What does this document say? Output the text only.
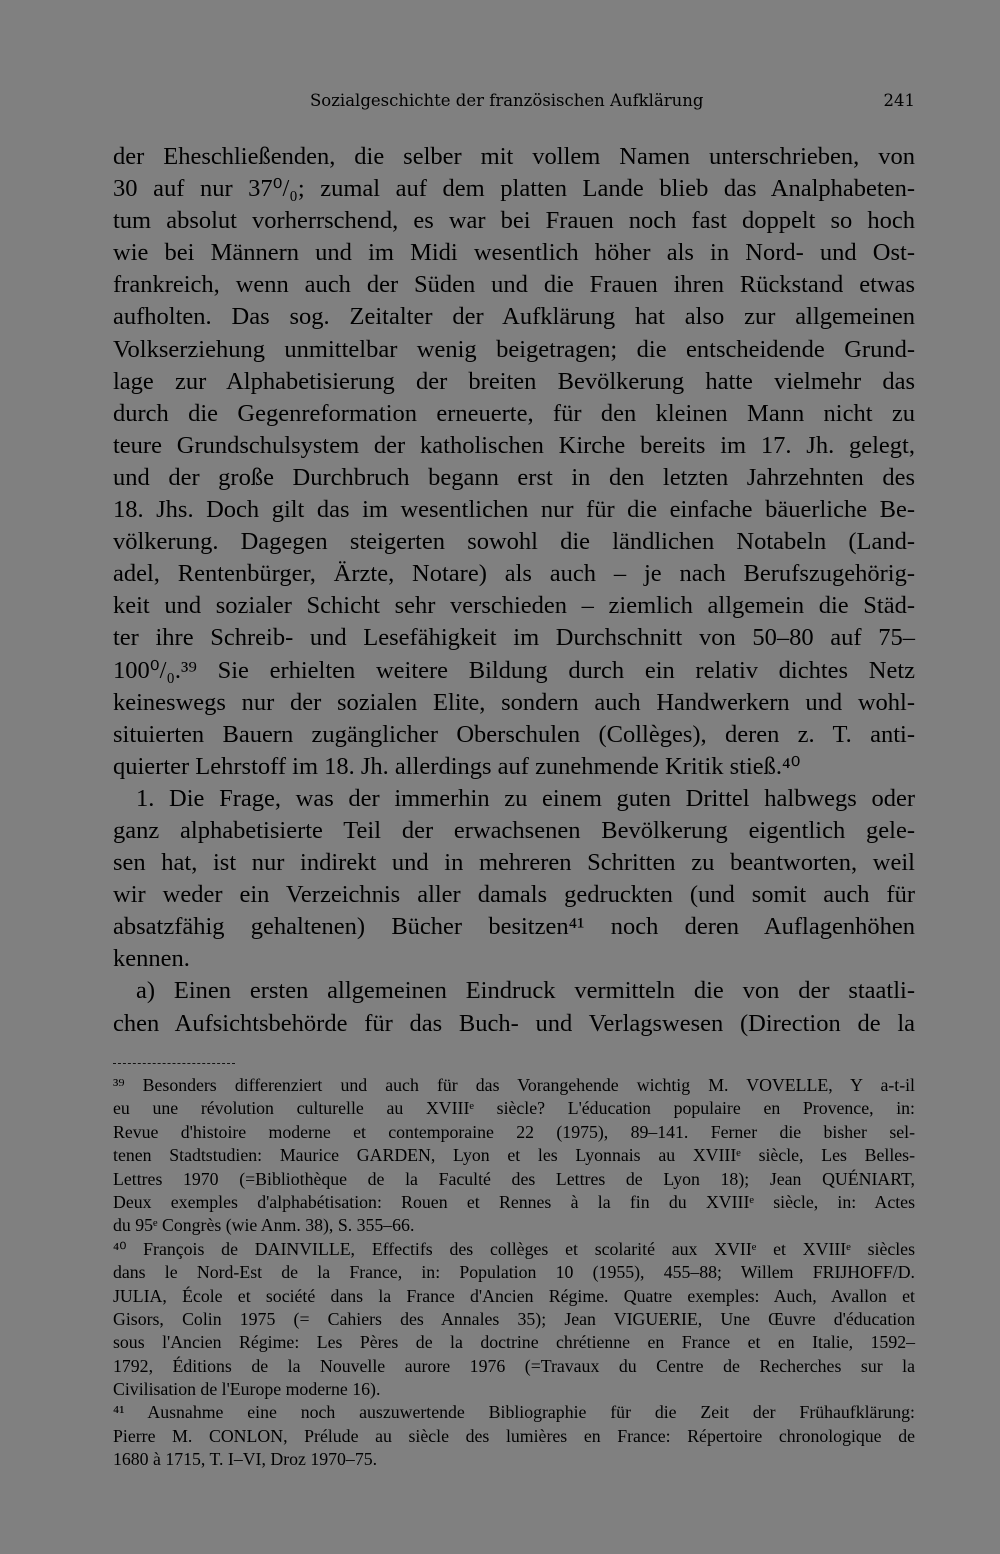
Sozialgeschichte der französischen Aufklärung	241
der Eheschließenden, die selber mit vollem Namen unterschrieben, von
30 auf nur 37⁰/₀; zumal auf dem platten Lande blieb das Analphabeten-
tum absolut vorherrschend, es war bei Frauen noch fast doppelt so hoch
wie bei Männern und im Midi wesentlich höher als in Nord- und Ost-
frankreich, wenn auch der Süden und die Frauen ihren Rückstand etwas
aufholten. Das sog. Zeitalter der Aufklärung hat also zur allgemeinen
Volkserziehung unmittelbar wenig beigetragen; die entscheidende Grund-
lage zur Alphabetisierung der breiten Bevölkerung hatte vielmehr das
durch die Gegenreformation erneuerte, für den kleinen Mann nicht zu
teure Grundschulsystem der katholischen Kirche bereits im 17. Jh. gelegt,
und der große Durchbruch begann erst in den letzten Jahrzehnten des
18. Jhs. Doch gilt das im wesentlichen nur für die einfache bäuerliche Be-
völkerung. Dagegen steigerten sowohl die ländlichen Notabeln (Land-
adel, Rentenbürger, Ärzte, Notare) als auch – je nach Berufszugehörig-
keit und sozialer Schicht sehr verschieden – ziemlich allgemein die Städ-
ter ihre Schreib- und Lesefähigkeit im Durchschnitt von 50–80 auf 75–
100⁰/₀.³⁹ Sie erhielten weitere Bildung durch ein relativ dichtes Netz
keineswegs nur der sozialen Elite, sondern auch Handwerkern und wohl-
situierten Bauern zugänglicher Oberschulen (Collèges), deren z. T. anti-
quierter Lehrstoff im 18. Jh. allerdings auf zunehmende Kritik stieß.⁴⁰
1. Die Frage, was der immerhin zu einem guten Drittel halbwegs oder
ganz alphabetisierte Teil der erwachsenen Bevölkerung eigentlich gele-
sen hat, ist nur indirekt und in mehreren Schritten zu beantworten, weil
wir weder ein Verzeichnis aller damals gedruckten (und somit auch für
absatzfähig gehaltenen) Bücher besitzen⁴¹ noch deren Auflagenhöhen
kennen.
a) Einen ersten allgemeinen Eindruck vermitteln die von der staatli-
chen Aufsichtsbehörde für das Buch- und Verlagswesen (Direction de la
³⁹ Besonders differenziert und auch für das Vorangehende wichtig M. VOVELLE, Y a-t-il
eu une révolution culturelle au XVIIIᵉ siècle? L'éducation populaire en Provence, in:
Revue d'histoire moderne et contemporaine 22 (1975), 89–141. Ferner die bisher sel-
tenen Stadtstudien: Maurice GARDEN, Lyon et les Lyonnais au XVIIIᵉ siècle, Les Belles-
Lettres 1970 (=Bibliothèque de la Faculté des Lettres de Lyon 18); Jean QUÉNIART,
Deux exemples d'alphabétisation: Rouen et Rennes à la fin du XVIIIᵉ siècle, in: Actes
du 95ᵉ Congrès (wie Anm. 38), S. 355–66.
⁴⁰ François de DAINVILLE, Effectifs des collèges et scolarité aux XVIIᵉ et XVIIIᵉ siècles
dans le Nord-Est de la France, in: Population 10 (1955), 455–88; Willem FRIJHOFF/D.
JULIA, École et société dans la France d'Ancien Régime. Quatre exemples: Auch, Avallon et
Gisors, Colin 1975 (= Cahiers des Annales 35); Jean VIGUERIE, Une Œuvre d'éducation
sous l'Ancien Régime: Les Pères de la doctrine chrétienne en France et en Italie, 1592–
1792, Éditions de la Nouvelle aurore 1976 (=Travaux du Centre de Recherches sur la
Civilisation de l'Europe moderne 16).
⁴¹ Ausnahme eine noch auszuwertende Bibliographie für die Zeit der Frühaufklärung:
Pierre M. CONLON, Prélude au siècle des lumières en France: Répertoire chronologique de
1680 à 1715, T. I–VI, Droz 1970–75.
